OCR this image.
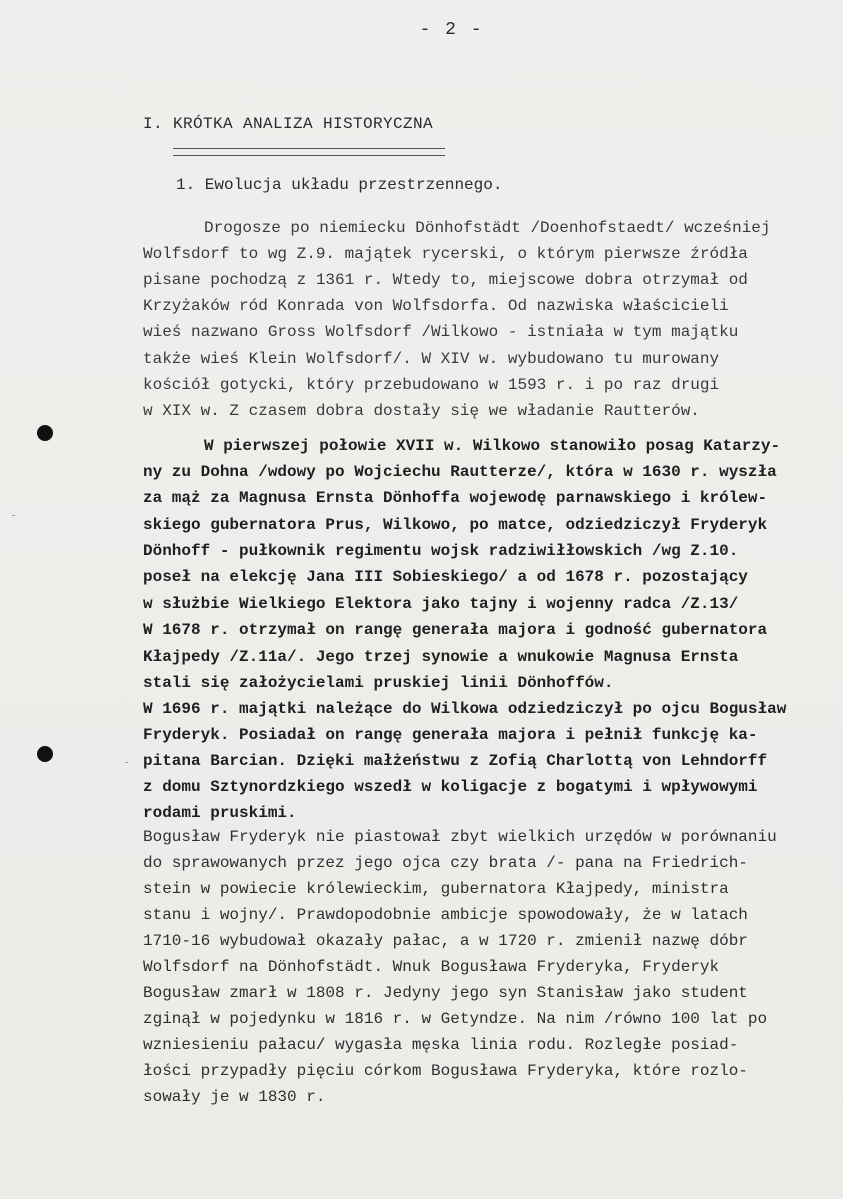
- 2 -
I. KRÓTKA ANALIZA HISTORYCZNA
1. Ewolucja układu przestrzennego.
Drogosze po niemiecku Dönhofstädt /Doenhofstaedt/ wcześniej
Wolfsdorf to wg Z.9. majątek rycerski, o którym pierwsze źródła
pisane pochodzą z 1361 r. Wtedy to, miejscowe dobra otrzymał od
Krzyżaków ród Konrada von Wolfsdorfa. Od nazwiska właścicieli
wieś nazwano Gross Wolfsdorf /Wilkowo - istniała w tym majątku
także wieś Klein Wolfsdorf/. W XIV w. wybudowano tu murowany
kościół gotycki, który przebudowano w 1593 r. i po raz drugi
w XIX w. Z czasem dobra dostały się we władanie Rautterów.
W pierwszej połowie XVII w. Wilkowo stanowiło posag Katarzy-
ny zu Dohna /wdowy po Wojciechu Rautterze/, która w 1630 r. wyszła
za mąż za Magnusa Ernsta Dönhoffa wojewodę parnawskiego i królew-
skiego gubernatora Prus, Wilkowo, po matce, odziedziczył Fryderyk
Dönhoff - pułkownik regimentu wojsk radziwiłłowskich /wg Z.10.
poseł na elekcję Jana III Sobieskiego/ a od 1678 r. pozostający
w służbie Wielkiego Elektora jako tajny i wojenny radca /Z.13/
W 1678 r. otrzymał on rangę generała majora i godność gubernatora
Kłajpedy /Z.11a/. Jego trzej synowie a wnukowie Magnusa Ernsta
stali się założycielami pruskiej linii Dönhoffów.
W 1696 r. majątki należące do Wilkowa odziedziczył po ojcu Bogusław
Fryderyk. Posiadał on rangę generała majora i pełnił funkcję ka-
pitana Barcian. Dzięki małżeństwu z Zofią Charlottą von Lehndorff
z domu Sztynordzkiego wszedł w koligacje z bogatymi i wpływowymi
rodami pruskimi.
Bogusław Fryderyk nie piastował zbyt wielkich urzędów w porównaniu
do sprawowanych przez jego ojca czy brata /- pana na Friedrich-
stein w powiecie królewieckim, gubernatora Kłajpedy, ministra
stanu i wojny/. Prawdopodobnie ambicje spowodowały, że w latach
1710-16 wybudował okazały pałac, a w 1720 r. zmienił nazwę dóbr
Wolfsdorf na Dönhofstädt. Wnuk Bogusława Fryderyka, Fryderyk
Bogusław zmarł w 1808 r. Jedyny jego syn Stanisław jako student
zginął w pojedynku w 1816 r. w Getyndze. Na nim /równo 100 lat po
wzniesieniu pałacu/ wygasła męska linia rodu. Rozległe posiad-
łości przypadły pięciu córkom Bogusława Fryderyka, które rozlo-
sowały je w 1830 r.
